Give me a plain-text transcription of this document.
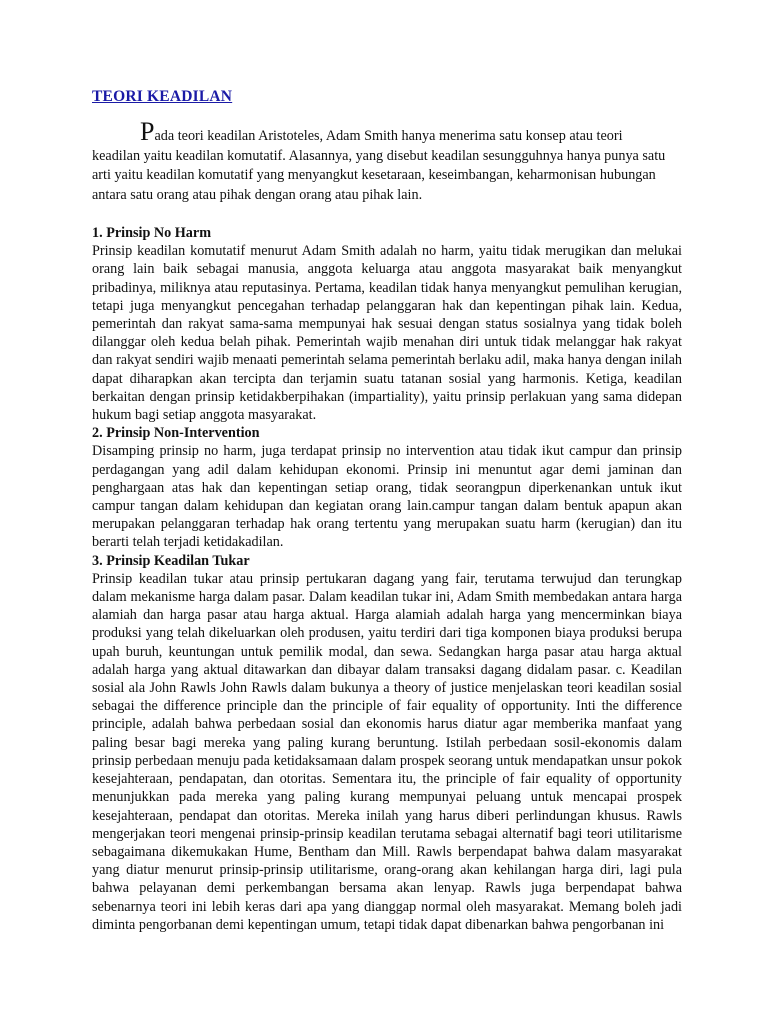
TEORI KEADILAN

Pada teori keadilan Aristoteles, Adam Smith hanya menerima satu konsep atau teori
keadilan yaitu keadilan komutatif. Alasannya, yang disebut keadilan sesungguhnya hanya punya satu arti yaitu keadilan komutatif yang menyangkut kesetaraan, keseimbangan, keharmonisan hubungan antara satu orang atau pihak dengan orang atau pihak lain.

1. Prinsip No Harm

Prinsip keadilan komutatif menurut Adam Smith adalah no harm, yaitu tidak merugikan dan melukai orang lain baik sebagai manusia, anggota keluarga atau anggota masyarakat baik menyangkut pribadinya, miliknya atau reputasinya. Pertama, keadilan tidak hanya menyangkut pemulihan kerugian, tetapi juga menyangkut pencegahan terhadap pelanggaran hak dan kepentingan pihak lain. Kedua, pemerintah dan rakyat sama-sama mempunyai hak sesuai dengan status sosialnya yang tidak boleh dilanggar oleh kedua belah pihak. Pemerintah wajib menahan diri untuk tidak melanggar hak rakyat dan rakyat sendiri wajib menaati pemerintah selama pemerintah berlaku adil, maka hanya dengan inilah dapat diharapkan akan tercipta dan terjamin suatu tatanan sosial yang harmonis. Ketiga, keadilan berkaitan dengan prinsip ketidakberpihakan (impartiality), yaitu prinsip perlakuan yang sama didepan hukum bagi setiap anggota masyarakat.

2. Prinsip Non-Intervention

Disamping prinsip no harm, juga terdapat prinsip no intervention atau tidak ikut campur dan prinsip perdagangan yang adil dalam kehidupan ekonomi. Prinsip ini menuntut agar demi jaminan dan penghargaan atas hak dan kepentingan setiap orang, tidak seorangpun diperkenankan untuk ikut campur tangan dalam kehidupan dan kegiatan orang lain.campur tangan dalam bentuk apapun akan merupakan pelanggaran terhadap hak orang tertentu yang merupakan suatu harm (kerugian) dan itu berarti telah terjadi ketidakadilan.

3. Prinsip Keadilan Tukar

Prinsip keadilan tukar atau prinsip pertukaran dagang yang fair, terutama terwujud dan terungkap dalam mekanisme harga dalam pasar. Dalam keadilan tukar ini, Adam Smith membedakan antara harga alamiah dan harga pasar atau harga aktual. Harga alamiah adalah harga yang mencerminkan biaya produksi yang telah dikeluarkan oleh produsen, yaitu terdiri dari tiga komponen biaya produksi berupa upah buruh, keuntungan untuk pemilik modal, dan sewa. Sedangkan harga pasar atau harga aktual adalah harga yang aktual ditawarkan dan dibayar dalam transaksi dagang didalam pasar. c. Keadilan sosial ala John Rawls John Rawls dalam bukunya a theory of justice menjelaskan teori keadilan sosial sebagai the difference principle dan the principle of fair equality of opportunity. Inti the difference principle, adalah bahwa perbedaan sosial dan ekonomis harus diatur agar memberika manfaat yang paling besar bagi mereka yang paling kurang beruntung. Istilah perbedaan sosil-ekonomis dalam prinsip perbedaan menuju pada ketidaksamaan dalam prospek seorang untuk mendapatkan unsur pokok kesejahteraan, pendapatan, dan otoritas. Sementara itu, the principle of fair equality of opportunity menunjukkan pada mereka yang paling kurang mempunyai peluang untuk mencapai prospek kesejahteraan, pendapat dan otoritas. Mereka inilah yang harus diberi perlindungan khusus. Rawls mengerjakan teori mengenai prinsip-prinsip keadilan terutama sebagai alternatif bagi teori utilitarisme sebagaimana dikemukakan Hume, Bentham dan Mill. Rawls berpendapat bahwa dalam masyarakat yang diatur menurut prinsip-prinsip utilitarisme, orang-orang akan kehilangan harga diri, lagi pula bahwa pelayanan demi perkembangan bersama akan lenyap. Rawls juga berpendapat bahwa sebenarnya teori ini lebih keras dari apa yang dianggap normal oleh masyarakat. Memang boleh jadi diminta pengorbanan demi kepentingan umum, tetapi tidak dapat dibenarkan bahwa pengorbanan ini
